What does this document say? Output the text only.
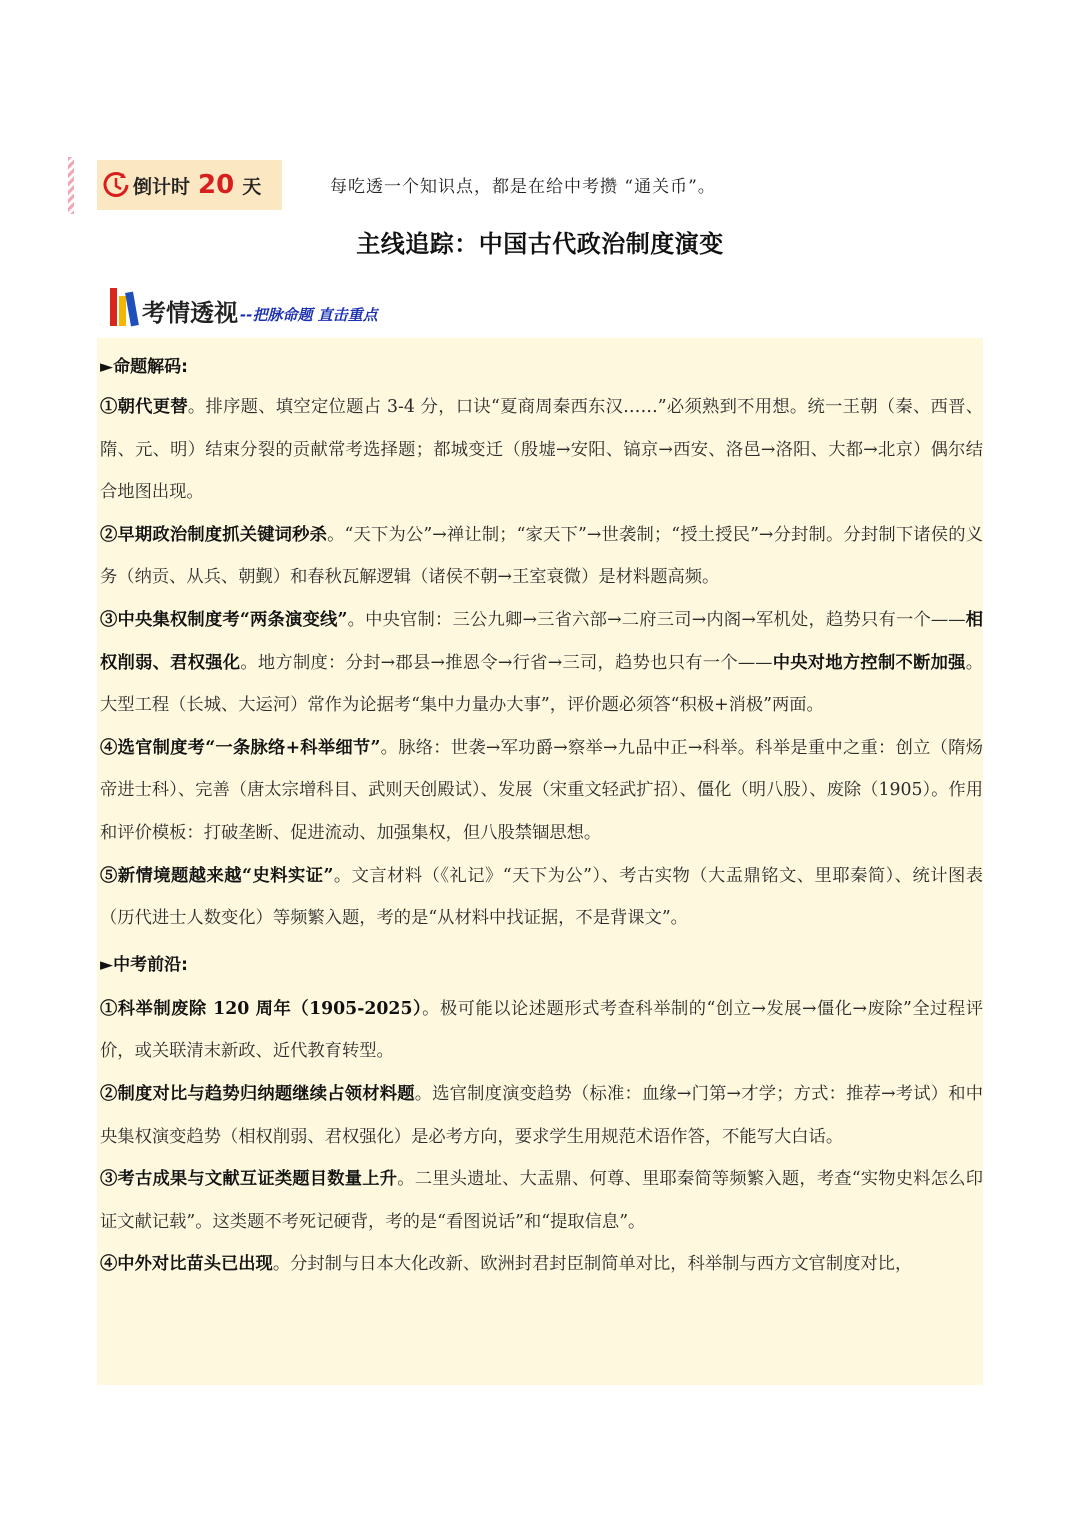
倒计时 20 天	每吃透一个知识点，都是在给中考攒 “通关币”。
主线追踪：中国古代政治制度演变
考情透视 --把脉命题 直击重点
►命题解码:

①朝代更替。排序题、填空定位题占 3-4 分，口诀“夏商周秦西东汉……”必须熟到不用想。统一王朝（秦、西晋、隋、元、明）结束分裂的贡献常考选择题；都城变迁（殷墟→安阳、镐京→西安、洛邑→洛阳、大都→北京）偶尔结合地图出现。

②早期政治制度抓关键词秒杀。“天下为公”→禅让制；“家天下”→世袭制；“授土授民”→分封制。分封制下诸侯的义务（纳贡、从兵、朝觐）和春秋瓦解逻辑（诸侯不朝→王室衰微）是材料题高频。

③中央集权制度考“两条演变线”。中央官制：三公九卿→三省六部→二府三司→内阁→军机处，趋势只有一个——相权削弱、君权强化。地方制度：分封→郡县→推恩令→行省→三司，趋势也只有一个——中央对地方控制不断加强。大型工程（长城、大运河）常作为论据考“集中力量办大事”，评价题必须答“积极+消极”两面。

④选官制度考“一条脉络+科举细节”。脉络：世袭→军功爵→察举→九品中正→科举。科举是重中之重：创立（隋炀帝进士科）、完善（唐太宗增科目、武则天创殿试）、发展（宋重文轻武扩招）、僵化（明八股）、废除（1905）。作用和评价模板：打破垄断、促进流动、加强集权，但八股禁锢思想。

⑤新情境题越来越“史料实证”。文言材料（《礼记》“天下为公”）、考古实物（大盂鼎铭文、里耶秦简）、统计图表（历代进士人数变化）等频繁入题，考的是“从材料中找证据，不是背课文”。

►中考前沿:

①科举制废除 120 周年（1905-2025）。极可能以论述题形式考查科举制的“创立→发展→僵化→废除”全过程评价，或关联清末新政、近代教育转型。

②制度对比与趋势归纳题继续占领材料题。选官制度演变趋势（标准：血缘→门第→才学；方式：推荐→考试）和中央集权演变趋势（相权削弱、君权强化）是必考方向，要求学生用规范术语作答，不能写大白话。

③考古成果与文献互证类题目数量上升。二里头遗址、大盂鼎、何尊、里耶秦简等频繁入题，考查“实物史料怎么印证文献记载”。这类题不考死记硬背，考的是“看图说话”和“提取信息”。

④中外对比苗头已出现。分封制与日本大化改新、欧洲封君封臣制简单对比，科举制与西方文官制度对比，
